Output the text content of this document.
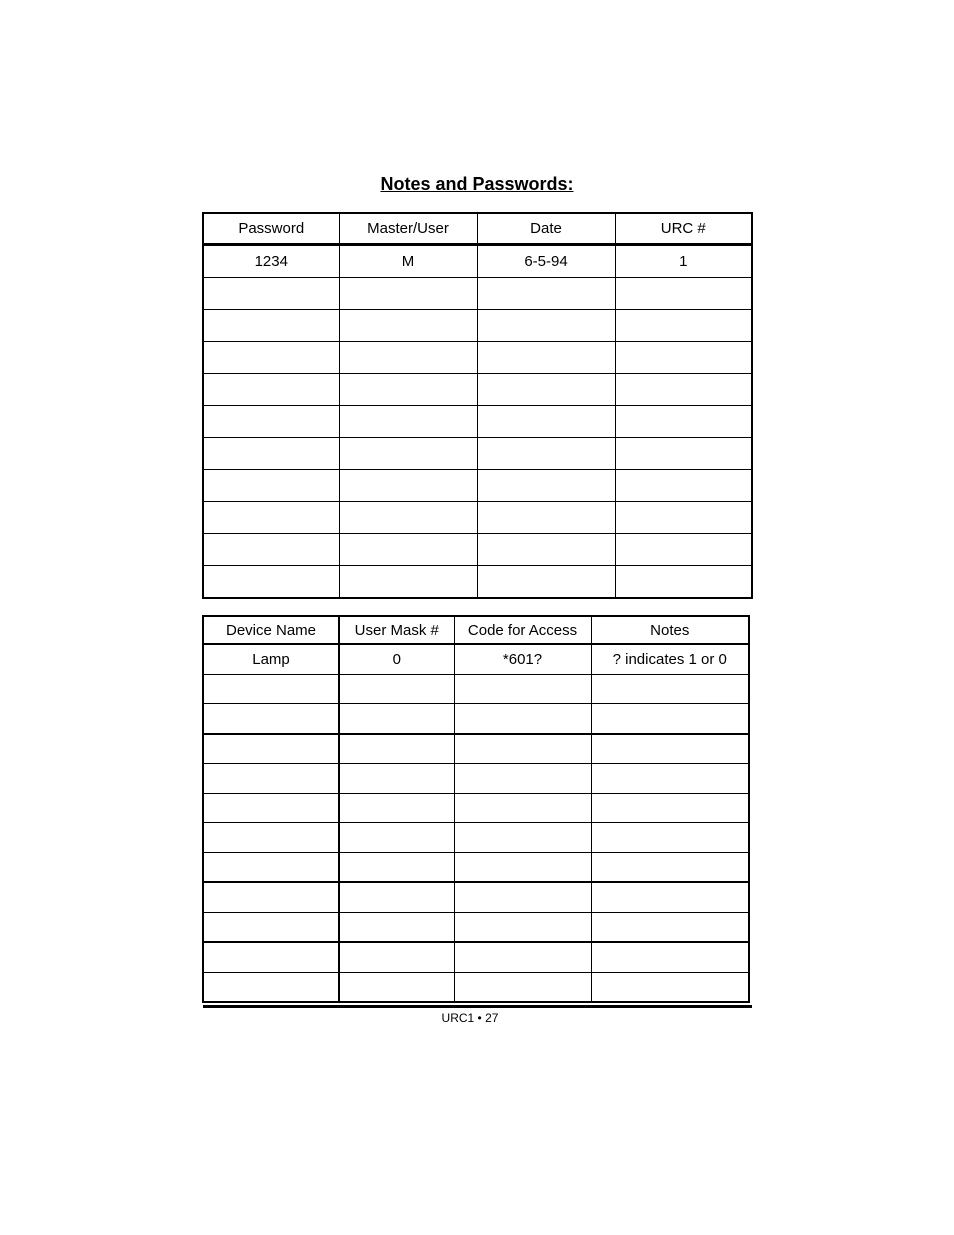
Notes and Passwords:
Password	Master/User	Date	URC #
1234	M	6-5-94	1

Device Name	User Mask #	Code for Access	Notes
Lamp	0	*601?	? indicates 1 or 0

URC1 • 27
